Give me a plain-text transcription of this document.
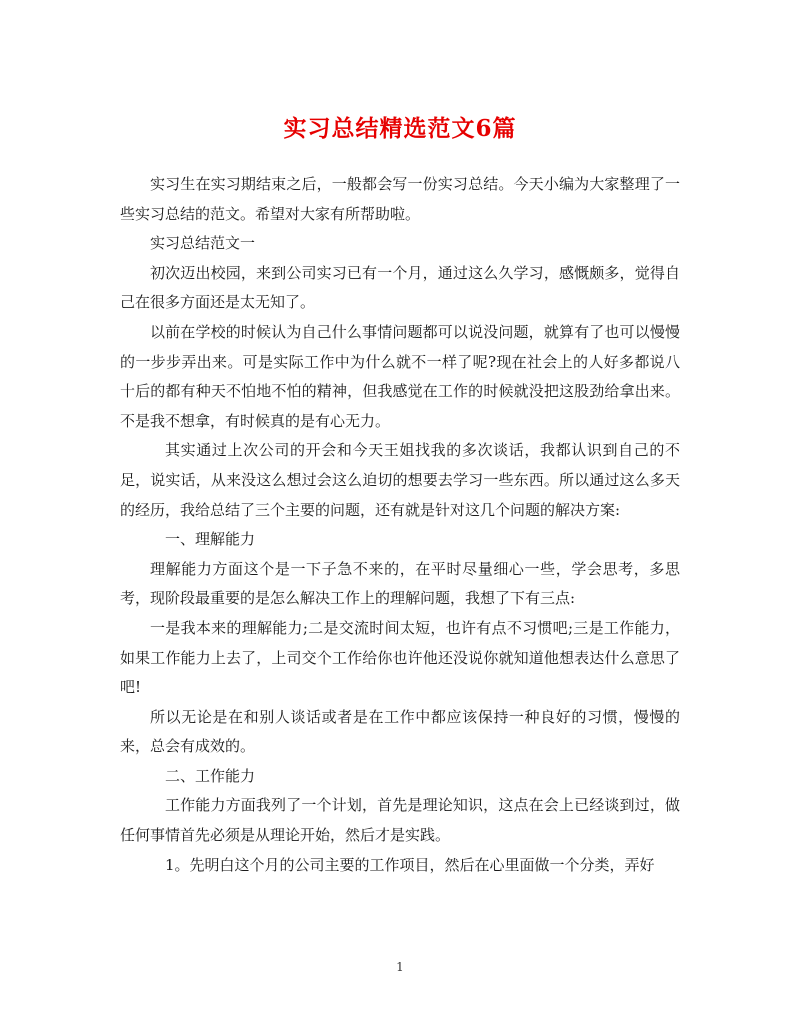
实习总结精选范文6篇

实习生在实习期结束之后，一般都会写一份实习总结。今天小编为大家整理了一些实习总结的范文。希望对大家有所帮助啦。

实习总结范文一

初次迈出校园，来到公司实习已有一个月，通过这么久学习，感慨颇多，觉得自己在很多方面还是太无知了。

以前在学校的时候认为自己什么事情问题都可以说没问题，就算有了也可以慢慢的一步步弄出来。可是实际工作中为什么就不一样了呢?现在社会上的人好多都说八十后的都有种天不怕地不怕的精神，但我感觉在工作的时候就没把这股劲给拿出来。不是我不想拿，有时候真的是有心无力。

其实通过上次公司的开会和今天王姐找我的多次谈话，我都认识到自己的不足，说实话，从来没这么想过会这么迫切的想要去学习一些东西。所以通过这么多天的经历，我给总结了三个主要的问题，还有就是针对这几个问题的解决方案:

一、理解能力

理解能力方面这个是一下子急不来的，在平时尽量细心一些，学会思考，多思考，现阶段最重要的是怎么解决工作上的理解问题，我想了下有三点:

一是我本来的理解能力;二是交流时间太短，也许有点不习惯吧;三是工作能力，如果工作能力上去了，上司交个工作给你也许他还没说你就知道他想表达什么意思了吧!

所以无论是在和别人谈话或者是在工作中都应该保持一种良好的习惯，慢慢的来，总会有成效的。

二、工作能力

工作能力方面我列了一个计划，首先是理论知识，这点在会上已经谈到过，做任何事情首先必须是从理论开始，然后才是实践。

1。先明白这个月的公司主要的工作项目，然后在心里面做一个分类，弄好

1
